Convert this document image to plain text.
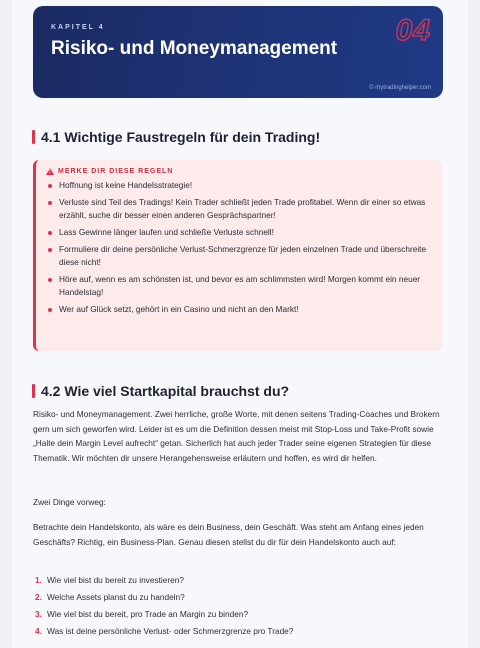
KAPITEL 4
Risiko- und Moneymanagement
04
© mytradinghelper.com
4.1 Wichtige Faustregeln für dein Trading!
!
MERKE DIR DIESE REGELN
Hoffnung ist keine Handelsstrategie!
Verluste sind Teil des Tradings! Kein Trader schließt jeden Trade profitabel. Wenn dir einer so etwas erzählt, suche dir besser einen anderen Gesprächspartner!
Lass Gewinne länger laufen und schließe Verluste schnell!
Formuliere dir deine persönliche Verlust-Schmerzgrenze für jeden einzelnen Trade und überschreite diese nicht!
Höre auf, wenn es am schönsten ist, und bevor es am schlimmsten wird! Morgen kommt ein neuer Handelstag!
Wer auf Glück setzt, gehört in ein Casino und nicht an den Markt!
4.2 Wie viel Startkapital brauchst du?

Risiko- und Moneymanagement. Zwei herrliche, große Worte, mit denen seitens Trading-Coaches und Brokern gern um sich geworfen wird. Leider ist es um die Definition dessen meist mit Stop-Loss und Take-Profit sowie „Halte dein Margin Level aufrecht“ getan. Sicherlich hat auch jeder Trader seine eigenen Strategien für diese Thematik. Wir möchten dir unsere Herangehensweise erläutern und hoffen, es wird dir helfen.

Zwei Dinge vorweg:

Betrachte dein Handelskonto, als wäre es dein Business, dein Geschäft. Was steht am Anfang eines jeden Geschäfts? Richtig, ein Business-Plan. Genau diesen stellst du dir für dein Handelskonto auch auf:

1. Wie viel bist du bereit zu investieren?
2. Welche Assets planst du zu handeln?
3. Wie viel bist du bereit, pro Trade an Margin zu binden?
4. Was ist deine persönliche Verlust- oder Schmerzgrenze pro Trade?
